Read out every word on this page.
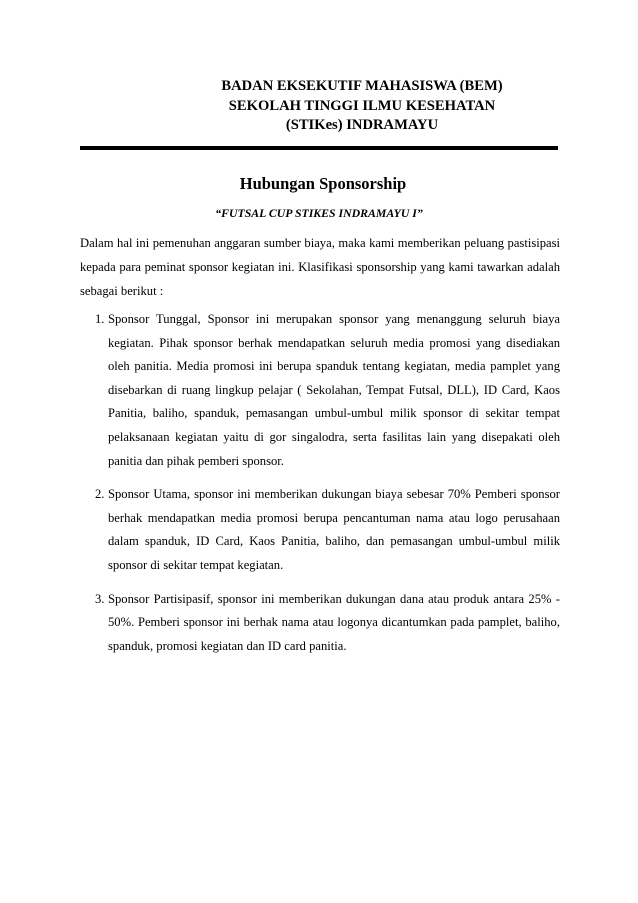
BADAN EKSEKUTIF MAHASISWA (BEM)
SEKOLAH TINGGI ILMU KESEHATAN
(STIKes) INDRAMAYU
Hubungan Sponsorship
“FUTSAL CUP STIKES INDRAMAYU I”
Dalam hal ini pemenuhan anggaran sumber biaya, maka kami memberikan peluang pastisipasi kepada para peminat sponsor kegiatan ini. Klasifikasi sponsorship yang kami tawarkan adalah sebagai berikut :
1. Sponsor Tunggal, Sponsor ini merupakan sponsor yang menanggung seluruh biaya kegiatan. Pihak sponsor berhak mendapatkan seluruh media promosi yang disediakan oleh panitia. Media promosi ini berupa spanduk tentang kegiatan, media pamplet yang disebarkan di ruang lingkup pelajar ( Sekolahan, Tempat Futsal, DLL), ID Card, Kaos Panitia, baliho, spanduk, pemasangan umbul-umbul milik sponsor di sekitar tempat pelaksanaan kegiatan yaitu di gor singalodra, serta fasilitas lain yang disepakati oleh panitia dan pihak pemberi sponsor.
2. Sponsor Utama, sponsor ini memberikan dukungan biaya sebesar 70% Pemberi sponsor berhak mendapatkan media promosi berupa pencantuman nama atau logo perusahaan dalam spanduk, ID Card, Kaos Panitia, baliho, dan pemasangan umbul-umbul milik sponsor di sekitar tempat kegiatan.
3. Sponsor Partisipasif, sponsor ini memberikan dukungan dana atau produk antara 25% - 50%. Pemberi sponsor ini berhak nama atau logonya dicantumkan pada pamplet, baliho, spanduk, promosi kegiatan dan ID card panitia.
